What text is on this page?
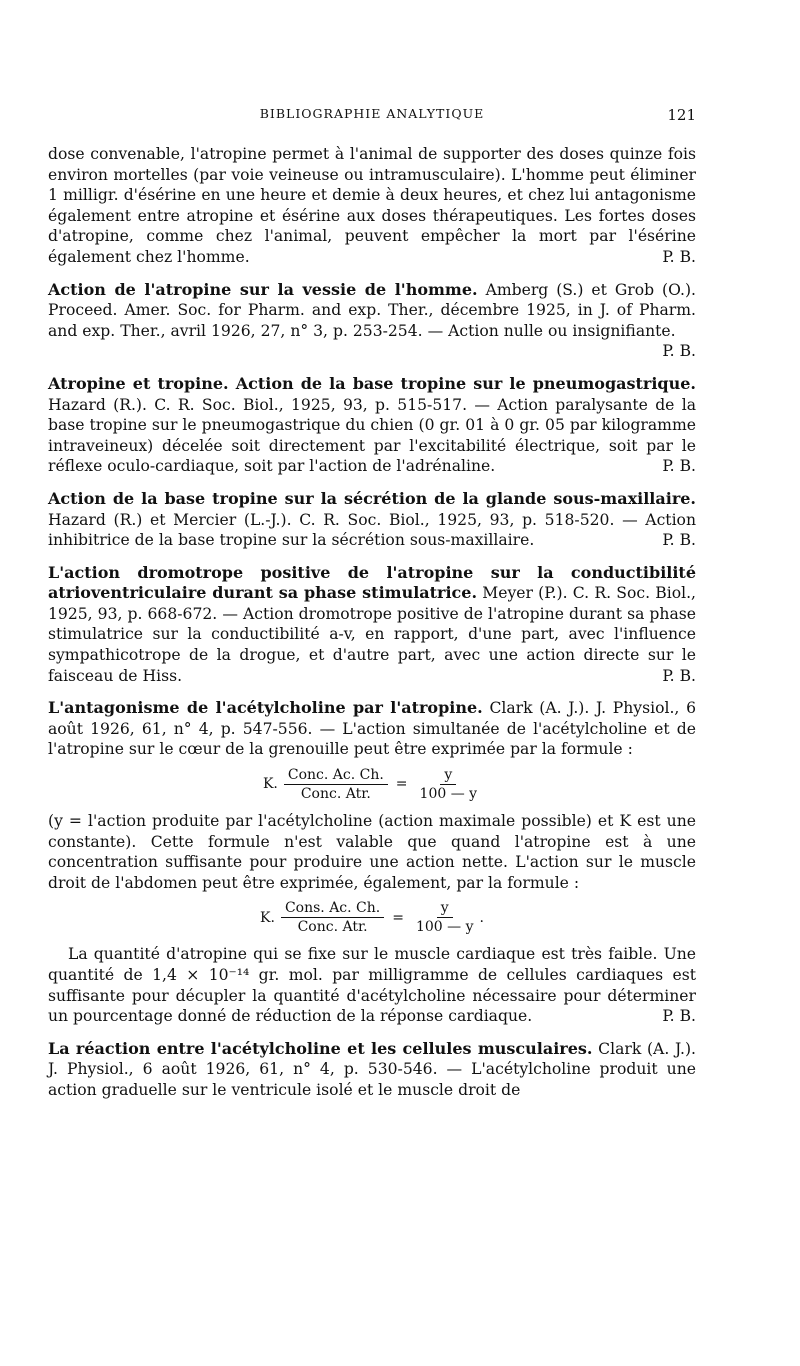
BIBLIOGRAPHIE ANALYTIQUE	121

dose convenable, l'atropine permet à l'animal de supporter des doses quinze fois environ mortelles (par voie veineuse ou intramusculaire). L'homme peut éliminer 1 milligr. d'ésérine en une heure et demie à deux heures, et chez lui antagonisme également entre atropine et ésérine aux doses thérapeutiques. Les fortes doses d'atropine, comme chez l'animal, peuvent empêcher la mort par l'ésérine également chez l'homme.	P. B.

Action de l'atropine sur la vessie de l'homme. Amberg (S.) et Grob (O.). Proceed. Amer. Soc. for Pharm. and exp. Ther., décembre 1925, in J. of Pharm. and exp. Ther., avril 1926, 27, n° 3, p. 253-254. — Action nulle ou insignifiante.
P. B.

Atropine et tropine. Action de la base tropine sur le pneumogastrique. Hazard (R.). C. R. Soc. Biol., 1925, 93, p. 515-517. — Action paralysante de la base tropine sur le pneumogastrique du chien (0 gr. 01 à 0 gr. 05 par kilogramme intraveineux) décelée soit directement par l'excitabilité électrique, soit par le réflexe oculo-cardiaque, soit par l'action de l'adrénaline.	P. B.

Action de la base tropine sur la sécrétion de la glande sous-maxillaire. Hazard (R.) et Mercier (L.-J.). C. R. Soc. Biol., 1925, 93, p. 518-520. — Action inhibitrice de la base tropine sur la sécrétion sous-maxillaire.	P. B.

L'action dromotrope positive de l'atropine sur la conductibilité atrioventriculaire durant sa phase stimulatrice. Meyer (P.). C. R. Soc. Biol., 1925, 93, p. 668-672. — Action dromotrope positive de l'atropine durant sa phase stimulatrice sur la conductibilité a-v, en rapport, d'une part, avec l'influence sympathicotrope de la drogue, et d'autre part, avec une action directe sur le faisceau de Hiss.	P. B.

L'antagonisme de l'acétylcholine par l'atropine. Clark (A. J.). J. Physiol., 6 août 1926, 61, n° 4, p. 547-556. — L'action simultanée de l'acétylcholine et de l'atropine sur le cœur de la grenouille peut être exprimée par la formule :

K. $\frac{\text{Conc. Ac. Ch.}}{\text{Conc. Atr.}} = \frac{y}{100 — y}$

(y = l'action produite par l'acétylcholine (action maximale possible) et K est une constante). Cette formule n'est valable que quand l'atropine est à une concentration suffisante pour produire une action nette. L'action sur le muscle droit de l'abdomen peut être exprimée, également, par la formule :

K. $\frac{\text{Cons. Ac. Ch.}}{\text{Conc. Atr.}} = \frac{y}{100 — y}$ .

La quantité d'atropine qui se fixe sur le muscle cardiaque est très faible. Une quantité de 1,4 × 10⁻¹⁴ gr. mol. par milligramme de cellules cardiaques est suffisante pour décupler la quantité d'acétylcholine nécessaire pour déterminer un pourcentage donné de réduction de la réponse cardiaque.	P. B.

La réaction entre l'acétylcholine et les cellules musculaires. Clark (A. J.). J. Physiol., 6 août 1926, 61, n° 4, p. 530-546. — L'acétylcholine produit une action graduelle sur le ventricule isolé et le muscle droit de
